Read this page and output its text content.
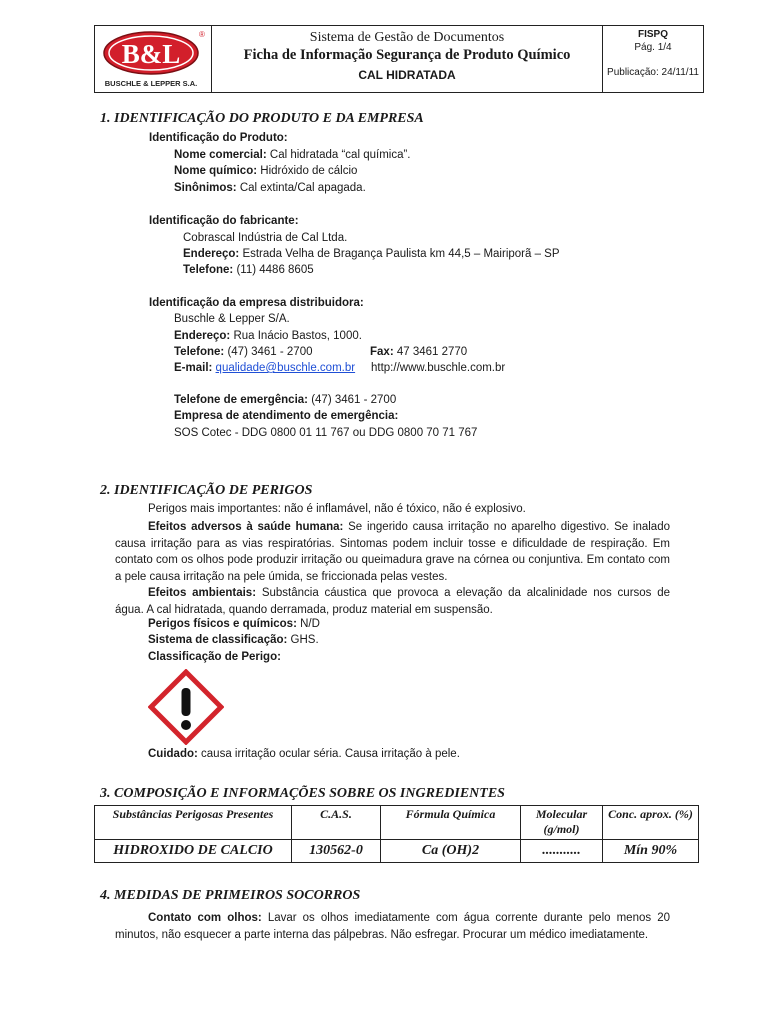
B&L
®
BUSCHLE & LEPPER S.A.
Sistema de Gestão de Documentos
Ficha de Informação Segurança de Produto Químico
CAL HIDRATADA
FISPQ
Pág. 1/4
Publicação: 24/11/11
1. IDENTIFICAÇÃO DO PRODUTO E DA EMPRESA
Identificação do Produto:
Nome comercial: Cal hidratada “cal química”.
Nome químico: Hidróxido de cálcio
Sinônimos: Cal extinta/Cal apagada.
Identificação do fabricante:
Cobrascal Indústria de Cal Ltda.
Endereço: Estrada Velha de Bragança Paulista km 44,5 – Mairiporã – SP
Telefone: (11) 4486 8605
Identificação da empresa distribuidora:
Buschle & Lepper S/A.
Endereço: Rua Inácio Bastos, 1000.
Telefone: (47) 3461 - 2700	Fax: 47 3461 2770
E-mail: qualidade@buschle.com.br http://www.buschle.com.br
Telefone de emergência: (47) 3461 - 2700
Empresa de atendimento de emergência:
SOS Cotec - DDG 0800 01 11 767 ou DDG 0800 70 71 767
2. IDENTIFICAÇÃO DE PERIGOS
Perigos mais importantes: não é inflamável, não é tóxico, não é explosivo.
Efeitos adversos à saúde humana: Se ingerido causa irritação no aparelho digestivo. Se inalado causa irritação para as vias respiratórias. Sintomas podem incluir tosse e dificuldade de respiração. Em contato com os olhos pode produzir irritação ou queimadura grave na córnea ou conjuntiva. Em contato com a pele causa irritação na pele úmida, se friccionada pelas vestes.
Efeitos ambientais: Substância cáustica que provoca a elevação da alcalinidade nos cursos de água. A cal hidratada, quando derramada, produz material em suspensão.
Perigos físicos e químicos: N/D
Sistema de classificação: GHS.
Classificação de Perigo:
Cuidado: causa irritação ocular séria. Causa irritação à pele.
3. COMPOSIÇÃO E INFORMAÇÕES SOBRE OS INGREDIENTES
Substâncias Perigosas Presentes	C.A.S.	Fórmula Química	Molecular (g/mol)	Conc. aprox. (%)
HIDROXIDO DE CALCIO	130562-0	Ca (OH)2	...........	Mín 90%
4. MEDIDAS DE PRIMEIROS SOCORROS
Contato com olhos: Lavar os olhos imediatamente com água corrente durante pelo menos 20 minutos, não esquecer a parte interna das pálpebras. Não esfregar. Procurar um médico imediatamente.
